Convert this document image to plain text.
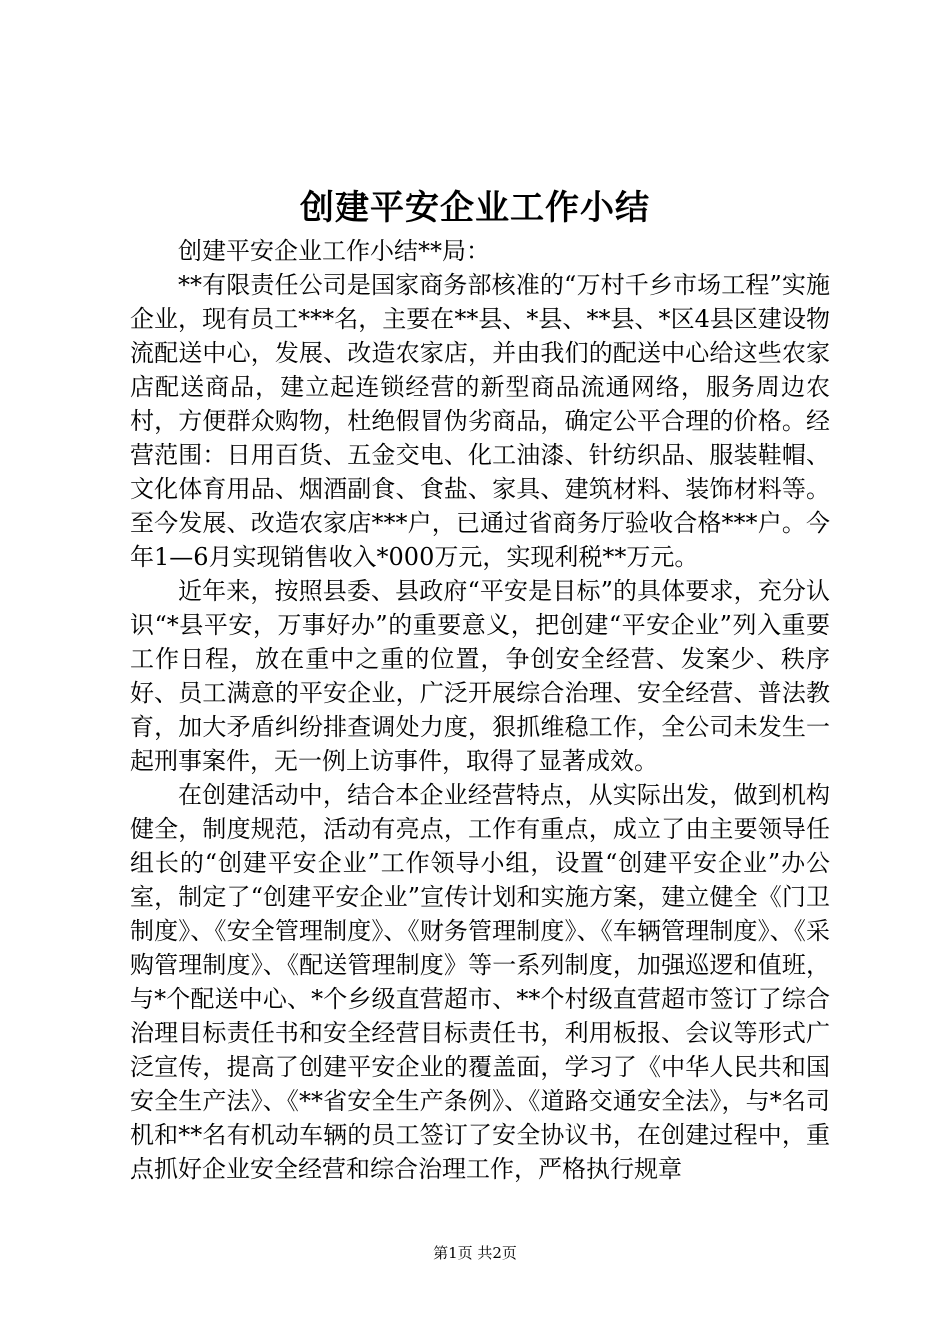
创建平安企业工作小结

创建平安企业工作小结**局：

**有限责任公司是国家商务部核准的“万村千乡市场工程”实施企业，现有员工***名，主要在**县、*县、**县、*区4县区建设物流配送中心，发展、改造农家店，并由我们的配送中心给这些农家店配送商品，建立起连锁经营的新型商品流通网络，服务周边农村，方便群众购物，杜绝假冒伪劣商品，确定公平合理的价格。经营范围：日用百货、五金交电、化工油漆、针纺织品、服装鞋帽、文化体育用品、烟酒副食、食盐、家具、建筑材料、装饰材料等。至今发展、改造农家店***户，已通过省商务厅验收合格***户。今年1—6月实现销售收入*000万元，实现利税**万元。

近年来，按照县委、县政府“平安是目标”的具体要求，充分认识“*县平安，万事好办”的重要意义，把创建“平安企业”列入重要工作日程，放在重中之重的位置，争创安全经营、发案少、秩序好、员工满意的平安企业，广泛开展综合治理、安全经营、普法教育，加大矛盾纠纷排查调处力度，狠抓维稳工作，全公司未发生一起刑事案件，无一例上访事件，取得了显著成效。

在创建活动中，结合本企业经营特点，从实际出发，做到机构健全，制度规范，活动有亮点，工作有重点，成立了由主要领导任组长的“创建平安企业”工作领导小组，设置“创建平安企业”办公室，制定了“创建平安企业”宣传计划和实施方案，建立健全《门卫制度》、《安全管理制度》、《财务管理制度》、《车辆管理制度》、《采购管理制度》、《配送管理制度》等一系列制度，加强巡逻和值班，与*个配送中心、*个乡级直营超市、**个村级直营超市签订了综合治理目标责任书和安全经营目标责任书，利用板报、会议等形式广泛宣传，提高了创建平安企业的覆盖面，学习了《中华人民共和国安全生产法》、《**省安全生产条例》、《道路交通安全法》，与*名司机和**名有机动车辆的员工签订了安全协议书，在创建过程中，重点抓好企业安全经营和综合治理工作，严格执行规章

第1页 共2页
